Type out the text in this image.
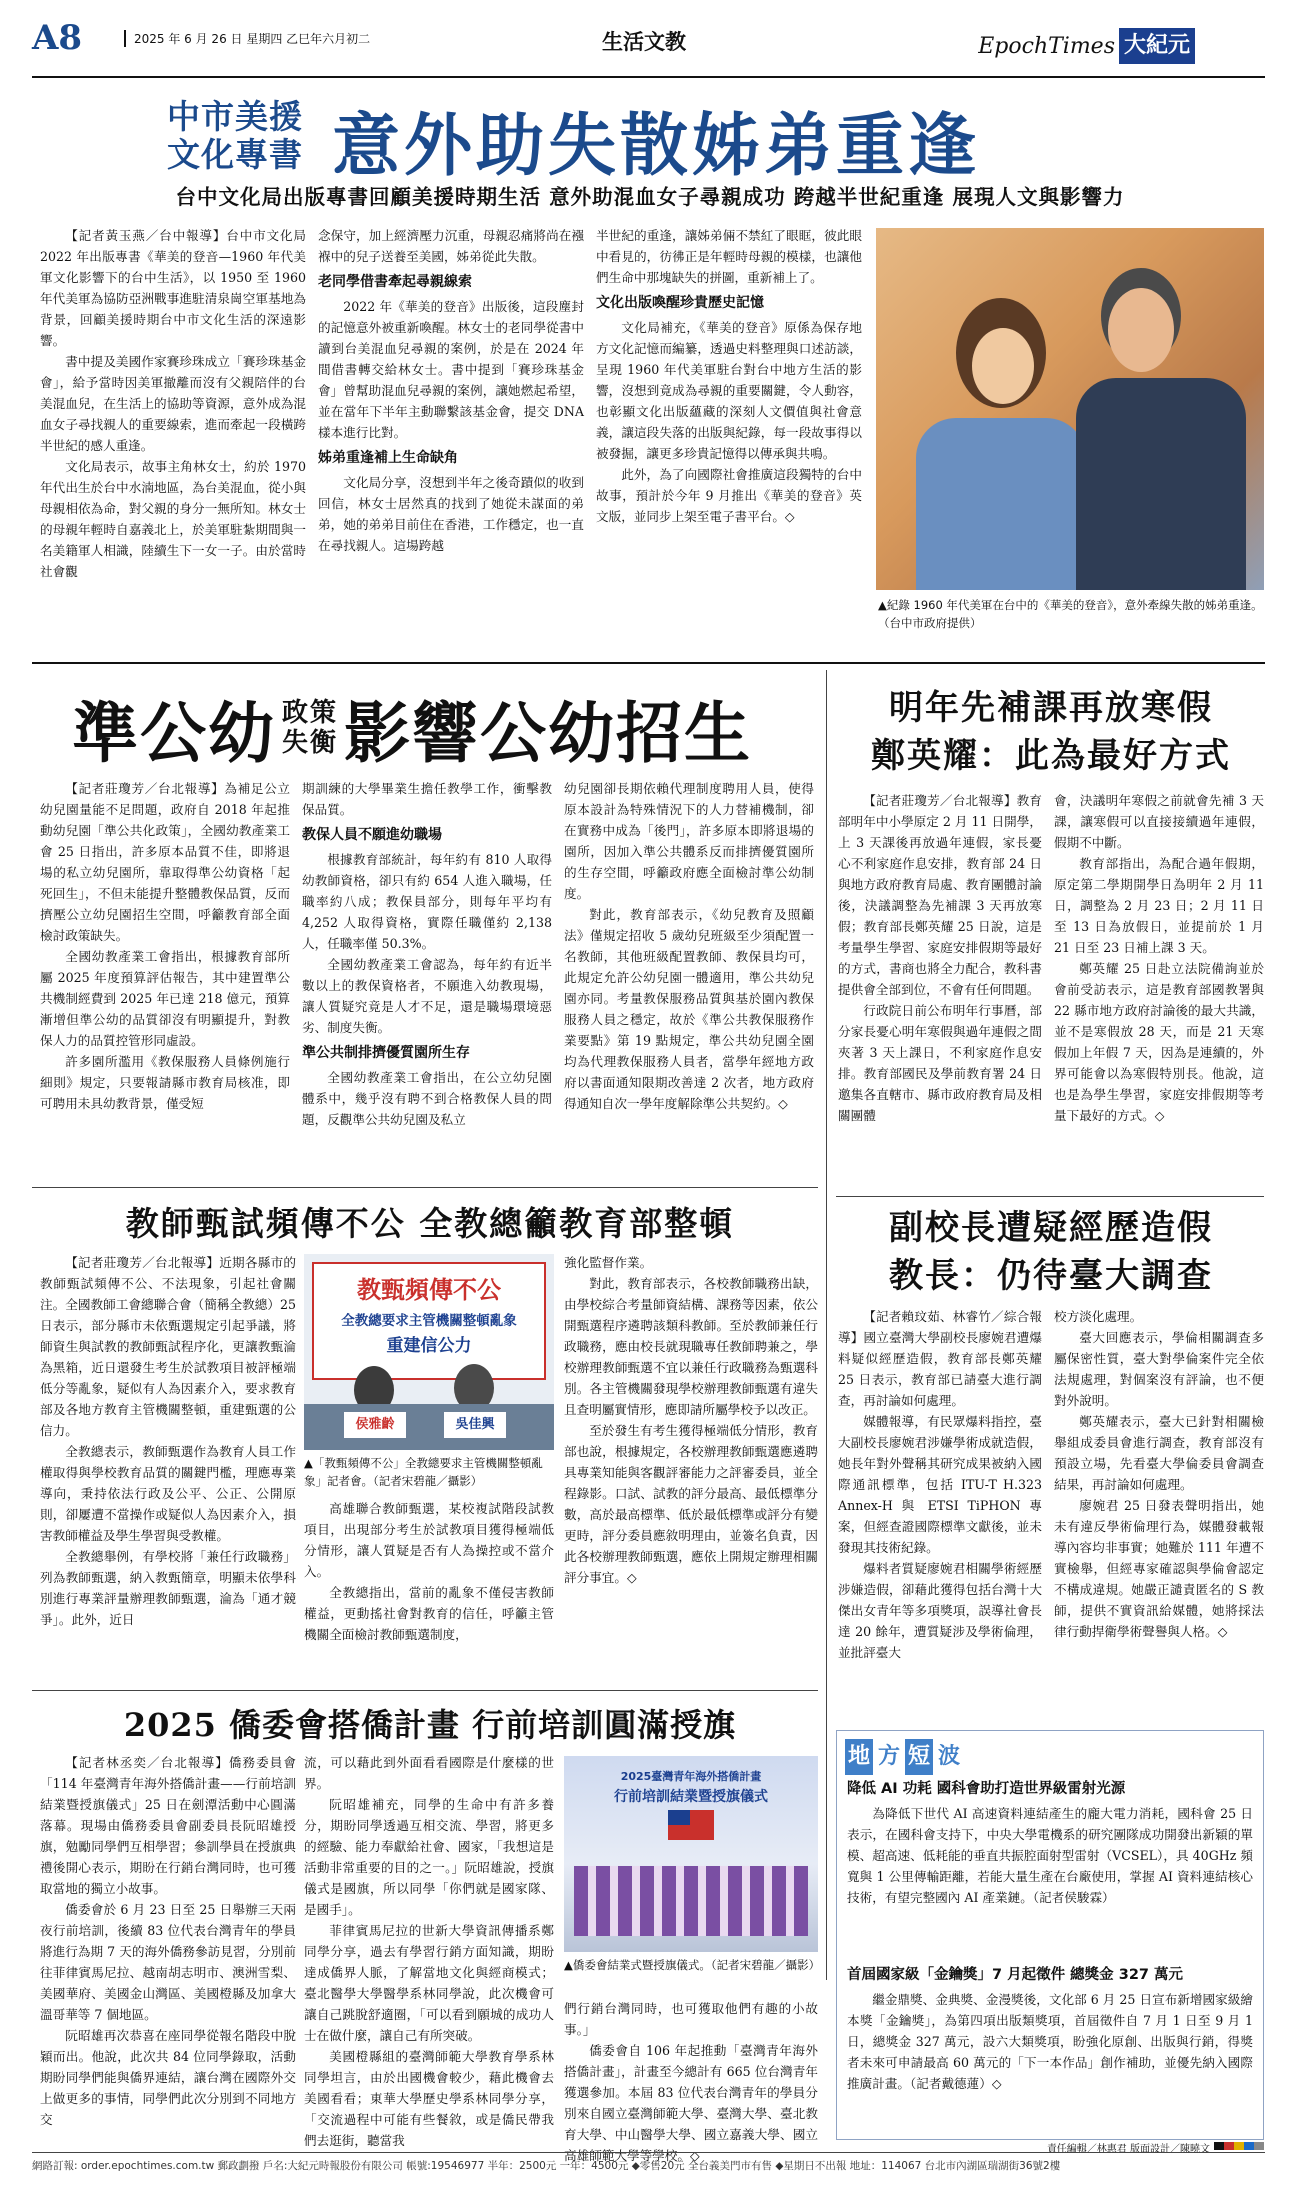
A8	2025 年 6 月 26 日 星期四 乙巳年六月初二	生活文教	EpochTimes 大紀元
中市美援
文化專書 意外助失散姊弟重逢
台中文化局出版專書回顧美援時期生活 意外助混血女子尋親成功 跨越半世紀重逢 展現人文與影響力
【記者黃玉燕／台中報導】台中市文化局 2022 年出版專書《華美的登音—1960 年代美軍文化影響下的台中生活》，以 1950 至 1960 年代美軍為協防亞洲戰事進駐清泉崗空軍基地為背景，回顧美援時期台中市文化生活的深遠影響。
書中提及美國作家賽珍珠成立「賽珍珠基金會」，給予當時因美軍撤離而沒有父親陪伴的台美混血兒，在生活上的協助等資源，意外成為混血女子尋找親人的重要線索，進而牽起一段橫跨半世紀的感人重逢。
文化局表示，故事主角林女士，約於 1970 年代出生於台中水湳地區，為台美混血，從小與母親相依為命，對父親的身分一無所知。林女士的母親年輕時自嘉義北上，於美軍駐紮期間與一名美籍軍人相識，陸續生下一女一子。由於當時社會觀
念保守，加上經濟壓力沉重，母親忍痛將尚在襁褓中的兒子送養至美國，姊弟從此失散。
老同學借書牽起尋親線索
2022 年《華美的登音》出版後，這段塵封的記憶意外被重新喚醒。林女士的老同學從書中讀到台美混血兒尋親的案例，於是在 2024 年間借書轉交給林女士。書中提到「賽珍珠基金會」曾幫助混血兒尋親的案例，讓她燃起希望，並在當年下半年主動聯繫該基金會，提交 DNA 樣本進行比對。
姊弟重逢補上生命缺角
文化局分享，沒想到半年之後奇蹟似的收到回信，林女士居然真的找到了她從未謀面的弟弟，她的弟弟目前住在香港，工作穩定，也一直在尋找親人。這場跨越
半世紀的重逢，讓姊弟倆不禁紅了眼眶，彼此眼中看見的，彷彿正是年輕時母親的模樣，也讓他們生命中那塊缺失的拼圖，重新補上了。
文化出版喚醒珍貴歷史記憶
文化局補充，《華美的登音》原係為保存地方文化記憶而編纂，透過史料整理與口述訪談，呈現 1960 年代美軍駐台對台中地方生活的影響，沒想到竟成為尋親的重要關鍵，令人動容，也彰顯文化出版蘊藏的深刻人文價值與社會意義，讓這段失落的出版與紀錄，每一段故事得以被發掘，讓更多珍貴記憶得以傳承與共鳴。
此外，為了向國際社會推廣這段獨特的台中故事，預計於今年 9 月推出《華美的登音》英文版，並同步上架至電子書平台。◇
▲紀錄 1960 年代美軍在台中的《華美的登音》，意外牽線失散的姊弟重逢。（台中市政府提供）
準公幼 政策
失衡 影響公幼招生
【記者莊瓊芳／台北報導】為補足公立幼兒園量能不足問題，政府自 2018 年起推動幼兒園「準公共化政策」，全國幼教產業工會 25 日指出，許多原本品質不佳，即將退場的私立幼兒園所，靠取得準公幼資格「起死回生」，不但未能提升整體教保品質，反而擠壓公立幼兒園招生空間，呼籲教育部全面檢討政策缺失。
全國幼教產業工會指出，根據教育部所屬 2025 年度預算評估報告，其中建置準公共機制經費到 2025 年已達 218 億元，預算漸增但準公幼的品質卻沒有明顯提升，對教保人力的品質控管形同虛設。
許多園所濫用《教保服務人員條例施行細則》規定，只要報請縣市教育局核准，即可聘用未具幼教背景，僅受短
期訓練的大學畢業生擔任教學工作，衝擊教保品質。
教保人員不願進幼職場
根據教育部統計，每年約有 810 人取得幼教師資格，卻只有約 654 人進入職場，任職率約八成；教保員部分，則每年平均有 4,252 人取得資格，實際任職僅約 2,138 人，任職率僅 50.3%。
全國幼教產業工會認為，每年約有近半數以上的教保資格者，不願進入幼教現場，讓人質疑究竟是人才不足，還是職場環境惡劣、制度失衡。
準公共制排擠優質園所生存
全國幼教產業工會指出，在公立幼兒園體系中，幾乎沒有聘不到合格教保人員的問題，反觀準公共幼兒園及私立
幼兒園卻長期依賴代理制度聘用人員，使得原本設計為特殊情況下的人力替補機制，卻在實務中成為「後門」，許多原本即將退場的園所，因加入準公共體系反而排擠優質園所的生存空間，呼籲政府應全面檢討準公幼制度。
對此，教育部表示，《幼兒教育及照顧法》僅規定招收 5 歲幼兒班級至少須配置一名教師，其他班級配置教師、教保員均可，此規定允許公幼兒園一體適用，準公共幼兒園亦同。考量教保服務品質與基於園內教保服務人員之穩定，故於《準公共教保服務作業要點》第 19 點規定，準公共幼兒園全園均為代理教保服務人員者，當學年經地方政府以書面通知限期改善達 2 次者，地方政府得通知自次一學年度解除準公共契約。◇
明年先補課再放寒假
鄭英耀：此為最好方式
【記者莊瓊芳／台北報導】教育部明年中小學原定 2 月 11 日開學，上 3 天課後再放過年連假，家長憂心不利家庭作息安排，教育部 24 日與地方政府教育局處、教育團體討論後，決議調整為先補課 3 天再放寒假；教育部長鄭英耀 25 日說，這是考量學生學習、家庭安排假期等最好的方式，書商也將全力配合，教科書提供會全部到位，不會有任何問題。
行政院日前公布明年行事曆，部分家長憂心明年寒假與過年連假之間夾著 3 天上課日，不利家庭作息安排。教育部國民及學前教育署 24 日邀集各直轄市、縣市政府教育局及相關團體
會，決議明年寒假之前就會先補 3 天課，讓寒假可以直接接續過年連假，假期不中斷。
教育部指出，為配合過年假期，原定第二學期開學日為明年 2 月 11 日，調整為 2 月 23 日；2 月 11 日至 13 日為放假日，並提前於 1 月 21 日至 23 日補上課 3 天。
鄭英耀 25 日赴立法院備詢並於會前受訪表示，這是教育部國教署與 22 縣市地方政府討論後的最大共識，並不是寒假放 28 天，而是 21 天寒假加上年假 7 天，因為是連續的，外界可能會以為寒假特別長。他說，這也是為學生學習，家庭安排假期等考量下最好的方式。◇
教師甄試頻傳不公 全教總籲教育部整頓
【記者莊瓊芳／台北報導】近期各縣市的教師甄試頻傳不公、不法現象，引起社會關注。全國教師工會總聯合會（簡稱全教總）25 日表示，部分縣市未依甄選規定引起爭議，將師資生與試教的教師甄試程序化，更讓教甄淪為黑箱，近日還發生考生於試教項目被評極端低分等亂象，疑似有人為因素介入，要求教育部及各地方教育主管機關整頓，重建甄選的公信力。
全教總表示，教師甄選作為教育人員工作權取得與學校教育品質的關鍵門檻，理應專業導向，秉持依法行政及公平、公正、公開原則，卻屢遭不當操作或疑似人為因素介入，損害教師權益及學生學習與受教權。
全教總舉例，有學校將「兼任行政職務」列為教師甄選，納入教甄簡章，明顯未依學科別進行專業評量辦理教師甄選，淪為「通才競爭」。此外，近日
教甄頻傳不公
全教總要求主管機關整頓亂象
重建信公力
侯雅齡	吳佳興
▲「教甄頻傳不公」全教總要求主管機關整頓亂象」記者會。（記者宋碧龍／攝影）
高雄聯合教師甄選，某校複試階段試教項目，出現部分考生於試教項目獲得極端低分情形，讓人質疑是否有人為操控或不當介入。
全教總指出，當前的亂象不僅侵害教師權益，更動搖社會對教育的信任，呼籲主管機關全面檢討教師甄選制度，
強化監督作業。
對此，教育部表示，各校教師職務出缺，由學校綜合考量師資結構、課務等因素，依公開甄選程序遴聘該類科教師。至於教師兼任行政職務，應由校長就現職專任教師聘兼之，學校辦理教師甄選不宜以兼任行政職務為甄選科別。各主管機關發現學校辦理教師甄選有違失且查明屬實情形，應即請所屬學校予以改正。
至於發生有考生獲得極端低分情形，教育部也說，根據規定，各校辦理教師甄選應遴聘具專業知能與客觀評審能力之評審委員，並全程錄影。口試、試教的評分最高、最低標準分數，高於最高標準、低於最低標準或評分有變更時，評分委員應敘明理由，並簽名負責，因此各校辦理教師甄選，應依上開規定辦理相關評分事宜。◇
副校長遭疑經歷造假
教長：仍待臺大調查
【記者賴玟茹、林睿竹／綜合報導】國立臺灣大學副校長廖婉君遭爆料疑似經歷造假，教育部長鄭英耀 25 日表示，教育部已請臺大進行調查，再討論如何處理。
媒體報導，有民眾爆料指控，臺大副校長廖婉君涉嫌學術成就造假，她長年對外聲稱其研究成果被納入國際通訊標準，包括 ITU-T H.323 Annex-H 與 ETSI TiPHON 專案，但經查證國際標準文獻後，並未發現其技術紀錄。
爆料者質疑廖婉君相關學術經歷涉嫌造假，卻藉此獲得包括台灣十大傑出女青年等多項獎項，誤導社會長達 20 餘年，遭質疑涉及學術倫理，並批評臺大
校方淡化處理。
臺大回應表示，學倫相關調查多屬保密性質，臺大對學倫案件完全依法規處理，對個案沒有評論，也不便對外說明。
鄭英耀表示，臺大已針對相關檢舉組成委員會進行調查，教育部沒有預設立場，先看臺大學倫委員會調查結果，再討論如何處理。
廖婉君 25 日發表聲明指出，她未有違反學術倫理行為，媒體發載報導內容均非事實；她難於 111 年遭不實檢舉，但經專家確認與學倫會認定不構成違規。她嚴正譴責匿名的 S 教師，提供不實資訊給媒體，她將採法律行動捍衛學術聲譽與人格。◇
2025 僑委會搭僑計畫 行前培訓圓滿授旗
【記者林丞奕／台北報導】僑務委員會「114 年臺灣青年海外搭僑計畫——行前培訓結業暨授旗儀式」25 日在劍潭活動中心圓滿落幕。現場由僑務委員會副委員長阮昭雄授旗，勉勵同學們互相學習；參訓學員在授旗典禮後開心表示，期盼在行銷台灣同時，也可獲取當地的獨立小故事。
僑委會於 6 月 23 日至 25 日舉辦三天兩夜行前培訓，後續 83 位代表台灣青年的學員將進行為期 7 天的海外僑務參訪見習，分別前往菲律賓馬尼拉、越南胡志明市、澳洲雪梨、美國華府、美國金山灣區、美國橙縣及加拿大溫哥華等 7 個地區。
阮昭雄再次恭喜在座同學從報名階段中脫穎而出。他說，此次共 84 位同學錄取，活動期盼同學們能與僑界連結，讓台灣在國際外交上做更多的事情，同學們此次分別到不同地方交
流，可以藉此到外面看看國際是什麼樣的世界。
阮昭雄補充，同學的生命中有許多養分，期盼同學透過互相交流、學習，將更多的經驗、能力奉獻給社會、國家，「我想這是活動非常重要的目的之一。」阮昭雄說，授旗儀式是國旗，所以同學「你們就是國家隊、是國手」。
菲律賓馬尼拉的世新大學資訊傳播系鄭同學分享，過去有學習行銷方面知識，期盼達成僑界人脈，了解當地文化與經商模式；臺北醫學大學醫學系林同學說，此次機會可讓自己跳脫舒適圈，「可以看到願城的成功人士在做什麼，讓自己有所突破。
美國橙縣組的臺灣師範大學教育學系林同學坦言，由於出國機會較少，藉此機會去美國看看；東華大學歷史學系林同學分享，「交流過程中可能有些餐敘，或是僑民帶我們去逛街，聽當我
2025臺灣青年海外搭僑計畫
行前培訓結業暨授旗儀式
▲僑委會結業式暨授旗儀式。（記者宋碧龍／攝影）
們行銷台灣同時，也可獲取他們有趣的小故事。」
僑委會自 106 年起推動「臺灣青年海外搭僑計畫」，計畫至今總計有 665 位台灣青年獲選參加。本屆 83 位代表台灣青年的學員分別來自國立臺灣師範大學、臺灣大學、臺北教育大學、中山醫學大學、國立嘉義大學、國立高雄師範大學等學校。◇
地 方 短 波
降低 AI 功耗 國科會助打造世界級雷射光源
為降低下世代 AI 高速資料連結產生的龐大電力消耗，國科會 25 日表示，在國科會支持下，中央大學電機系的研究團隊成功開發出新穎的單模、超高速、低耗能的垂直共振腔面射型雷射（VCSEL），具 40GHz 頻寬與 1 公里傳輸距離，若能大量生產在台廠使用，掌握 AI 資料連結核心技術，有望完整國內 AI 產業鏈。（記者侯駿霖）
首屆國家級「金鑰獎」7 月起徵件 總獎金 327 萬元
繼金鼎獎、金典獎、金漫獎後，文化部 6 月 25 日宣布新增國家級繪本獎「金鑰獎」，為第四項出版類獎項，首屆徵件自 7 月 1 日至 9 月 1 日，總獎金 327 萬元，設六大類獎項，盼強化原創、出版與行銷，得獎者未來可申請最高 60 萬元的「下一本作品」創作補助，並優先納入國際推廣計畫。（記者戴德蓮）◇
責任編輯／林惠君 版面設計／陳曉文
網路訂報: order.epochtimes.com.tw 郵政劃撥 戶名:大紀元時報股份有限公司 帳號:19546977 半年：2500元 一年：4500元 ◆零售20元 全台義美門市有售 ◆星期日不出報 地址：114067 台北市內湖區瑞湖街36號2樓
